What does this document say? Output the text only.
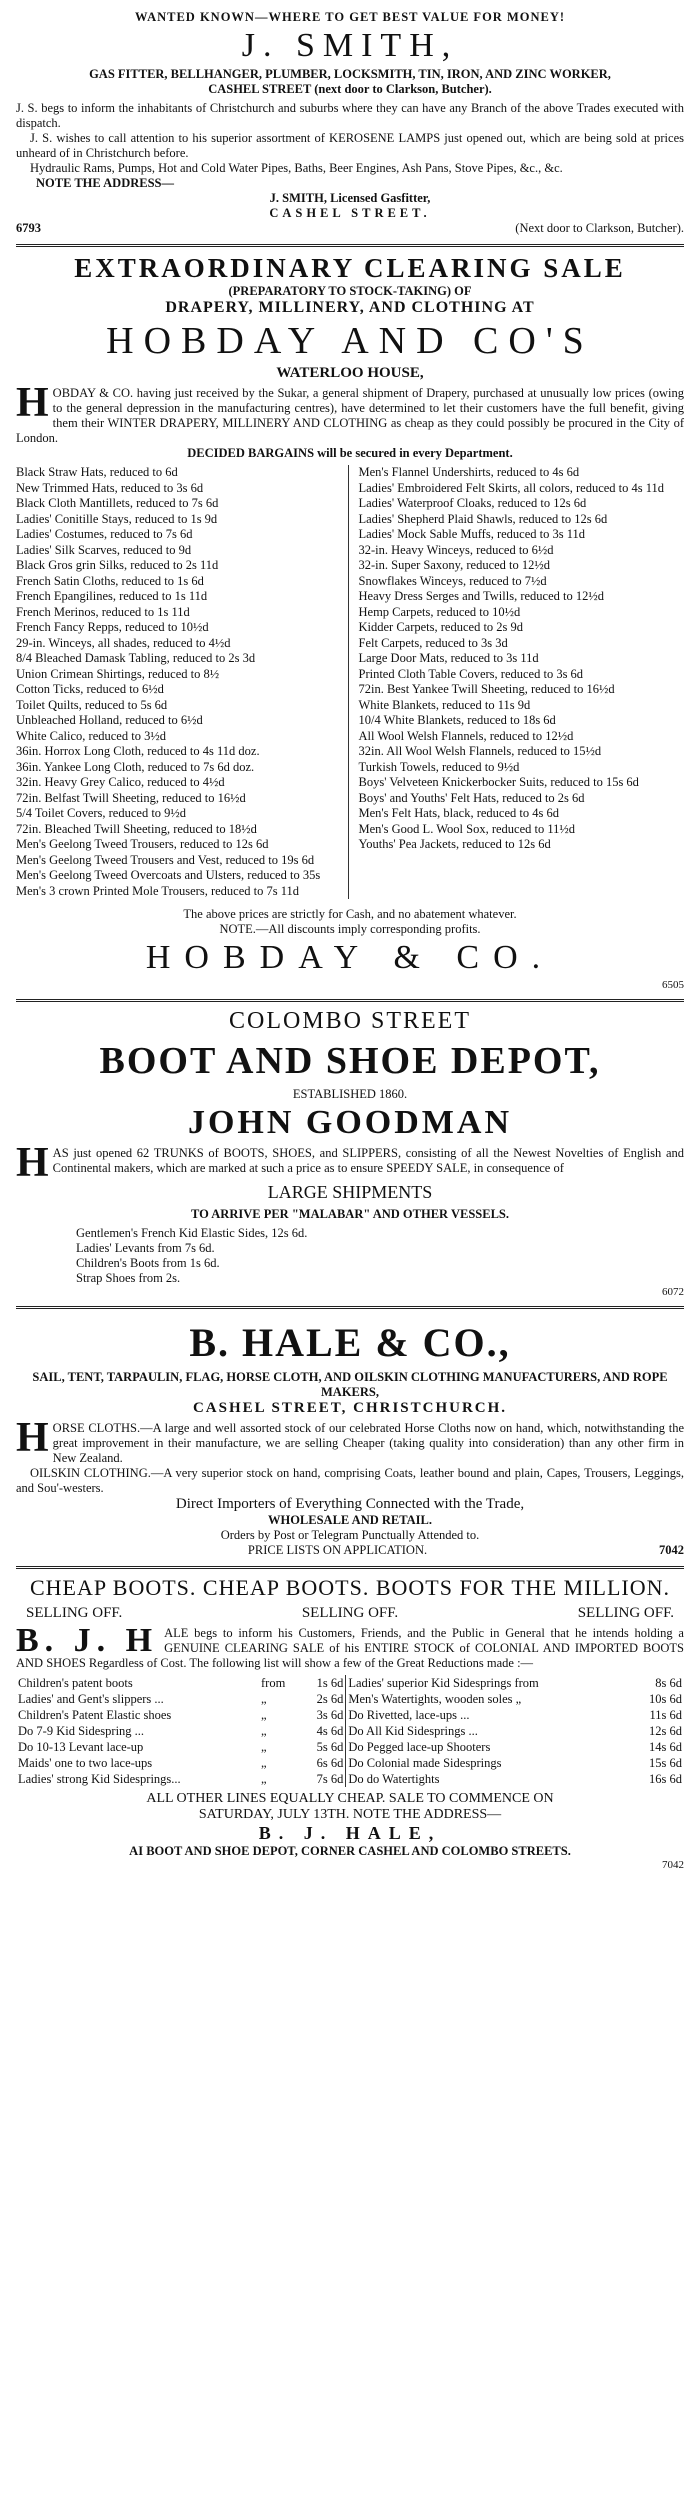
WANTED KNOWN—WHERE TO GET BEST VALUE FOR MONEY!
J. SMITH,
GAS FITTER, BELLHANGER, PLUMBER, LOCKSMITH, TIN, IRON, AND ZINC WORKER,
CASHEL STREET (next door to Clarkson, Butcher).
J. S. begs to inform the inhabitants of Christchurch and suburbs where they can have any Branch of the above Trades executed with dispatch.
J. S. wishes to call attention to his superior assortment of KEROSENE LAMPS just opened out, which are being sold at prices unheard of in Christchurch before.
Hydraulic Rams, Pumps, Hot and Cold Water Pipes, Baths, Beer Engines, Ash Pans, Stove Pipes, &c., &c.
NOTE THE ADDRESS—
J. SMITH, Licensed Gasfitter,
CASHEL STREET.
6793	(Next door to Clarkson, Butcher).
EXTRAORDINARY CLEARING SALE
(PREPARATORY TO STOCK-TAKING) OF
DRAPERY, MILLINERY, AND CLOTHING AT
HOBDAY AND CO'S
WATERLOO HOUSE,
H OBDAY & CO. having just received by the Sukar, a general shipment of Drapery, purchased at unusually low prices (owing to the general depression in the manufacturing centres), have determined to let their customers have the full benefit, giving them their WINTER DRAPERY, MILLINERY AND CLOTHING as cheap as they could possibly be procured in the City of London.
DECIDED BARGAINS will be secured in every Department.
Black Straw Hats, reduced to 6d
New Trimmed Hats, reduced to 3s 6d
Black Cloth Mantillets, reduced to 7s 6d
Ladies' Conitille Stays, reduced to 1s 9d
Ladies' Costumes, reduced to 7s 6d
Ladies' Silk Scarves, reduced to 9d
Black Gros grin Silks, reduced to 2s 11d
French Satin Cloths, reduced to 1s 6d
French Epangilines, reduced to 1s 11d
French Merinos, reduced to 1s 11d
French Fancy Repps, reduced to 10½d
29-in. Winceys, all shades, reduced to 4½d
8/4 Bleached Damask Tabling, reduced to 2s 3d
Union Crimean Shirtings, reduced to 8½
Cotton Ticks, reduced to 6½d
Toilet Quilts, reduced to 5s 6d
Unbleached Holland, reduced to 6½d
White Calico, reduced to 3½d
36in. Horrox Long Cloth, reduced to 4s 11d doz.
36in. Yankee Long Cloth, reduced to 7s 6d doz.
32in. Heavy Grey Calico, reduced to 4½d
72in. Belfast Twill Sheeting, reduced to 16½d
5/4 Toilet Covers, reduced to 9½d
72in. Bleached Twill Sheeting, reduced to 18½d
Men's Geelong Tweed Trousers, reduced to 12s 6d
Men's Geelong Tweed Trousers and Vest, reduced to 19s 6d
Men's Geelong Tweed Overcoats and Ulsters, reduced to 35s
Men's 3 crown Printed Mole Trousers, reduced to 7s 11d
Men's Flannel Undershirts, reduced to 4s 6d
Ladies' Embroidered Felt Skirts, all colors, reduced to 4s 11d
Ladies' Waterproof Cloaks, reduced to 12s 6d
Ladies' Shepherd Plaid Shawls, reduced to 12s 6d
Ladies' Mock Sable Muffs, reduced to 3s 11d
32-in. Heavy Winceys, reduced to 6½d
32-in. Super Saxony, reduced to 12½d
Snowflakes Winceys, reduced to 7½d
Heavy Dress Serges and Twills, reduced to 12½d
Hemp Carpets, reduced to 10½d
Kidder Carpets, reduced to 2s 9d
Felt Carpets, reduced to 3s 3d
Large Door Mats, reduced to 3s 11d
Printed Cloth Table Covers, reduced to 3s 6d
72in. Best Yankee Twill Sheeting, reduced to 16½d
White Blankets, reduced to 11s 9d
10/4 White Blankets, reduced to 18s 6d
All Wool Welsh Flannels, reduced to 12½d
32in. All Wool Welsh Flannels, reduced to 15½d
Turkish Towels, reduced to 9½d
Boys' Velveteen Knickerbocker Suits, reduced to 15s 6d
Boys' and Youths' Felt Hats, reduced to 2s 6d
Men's Felt Hats, black, reduced to 4s 6d
Men's Good L. Wool Sox, reduced to 11½d
Youths' Pea Jackets, reduced to 12s 6d
The above prices are strictly for Cash, and no abatement whatever.
NOTE.—All discounts imply corresponding profits.
HOBDAY & CO.
6505
COLOMBO STREET
BOOT AND SHOE DEPOT,
ESTABLISHED 1860.
JOHN GOODMAN
H AS just opened 62 TRUNKS of BOOTS, SHOES, and SLIPPERS, consisting of all the Newest Novelties of English and Continental makers, which are marked at such a price as to ensure SPEEDY SALE, in consequence of
LARGE SHIPMENTS
TO ARRIVE PER "MALABAR" AND OTHER VESSELS.
Gentlemen's French Kid Elastic Sides, 12s 6d.
Ladies' Levants from 7s 6d.
Children's Boots from 1s 6d.
Strap Shoes from 2s.
6072
B. HALE & CO.,
SAIL, TENT, TARPAULIN, FLAG, HORSE CLOTH, AND OILSKIN CLOTHING MANUFACTURERS, AND ROPE MAKERS,
CASHEL STREET, CHRISTCHURCH.
H ORSE CLOTHS.—A large and well assorted stock of our celebrated Horse Cloths now on hand, which, notwithstanding the great improvement in their manufacture, we are selling Cheaper (taking quality into consideration) than any other firm in New Zealand.
OILSKIN CLOTHING.—A very superior stock on hand, comprising Coats, leather bound and plain, Capes, Trousers, Leggings, and Sou'-westers.
Direct Importers of Everything Connected with the Trade,
WHOLESALE AND RETAIL.
Orders by Post or Telegram Punctually Attended to.
PRICE LISTS ON APPLICATION.	7042
CHEAP BOOTS. CHEAP BOOTS. BOOTS FOR THE MILLION.
SELLING OFF.	SELLING OFF.	SELLING OFF.
B. J. H ALE begs to inform his Customers, Friends, and the Public in General that he intends holding a GENUINE CLEARING SALE of his ENTIRE STOCK of COLONIAL AND IMPORTED BOOTS AND SHOES Regardless of Cost. The following list will show a few of the Great Reductions made :—
Children's patent boots	from	1s 6d	Ladies' superior Kid Sidesprings from	8s 6d
Ladies' and Gent's slippers ...	„	2s 6d	Men's Watertights, wooden soles „	10s 6d
Children's Patent Elastic shoes	„	3s 6d	Do Rivetted, lace-ups ...	11s 6d
Do 7-9 Kid Sidespring ...	„	4s 6d	Do All Kid Sidesprings ...	12s 6d
Do 10-13 Levant lace-up	„	5s 6d	Do Pegged lace-up Shooters	14s 6d
Maids' one to two lace-ups	„	6s 6d	Do Colonial made Sidesprings	15s 6d
Ladies' strong Kid Sidesprings...	„	7s 6d	Do do Watertights	16s 6d
ALL OTHER LINES EQUALLY CHEAP. SALE TO COMMENCE ON
SATURDAY, JULY 13TH. NOTE THE ADDRESS—
B. J. HALE,
AI BOOT AND SHOE DEPOT, CORNER CASHEL AND COLOMBO STREETS.
7042
